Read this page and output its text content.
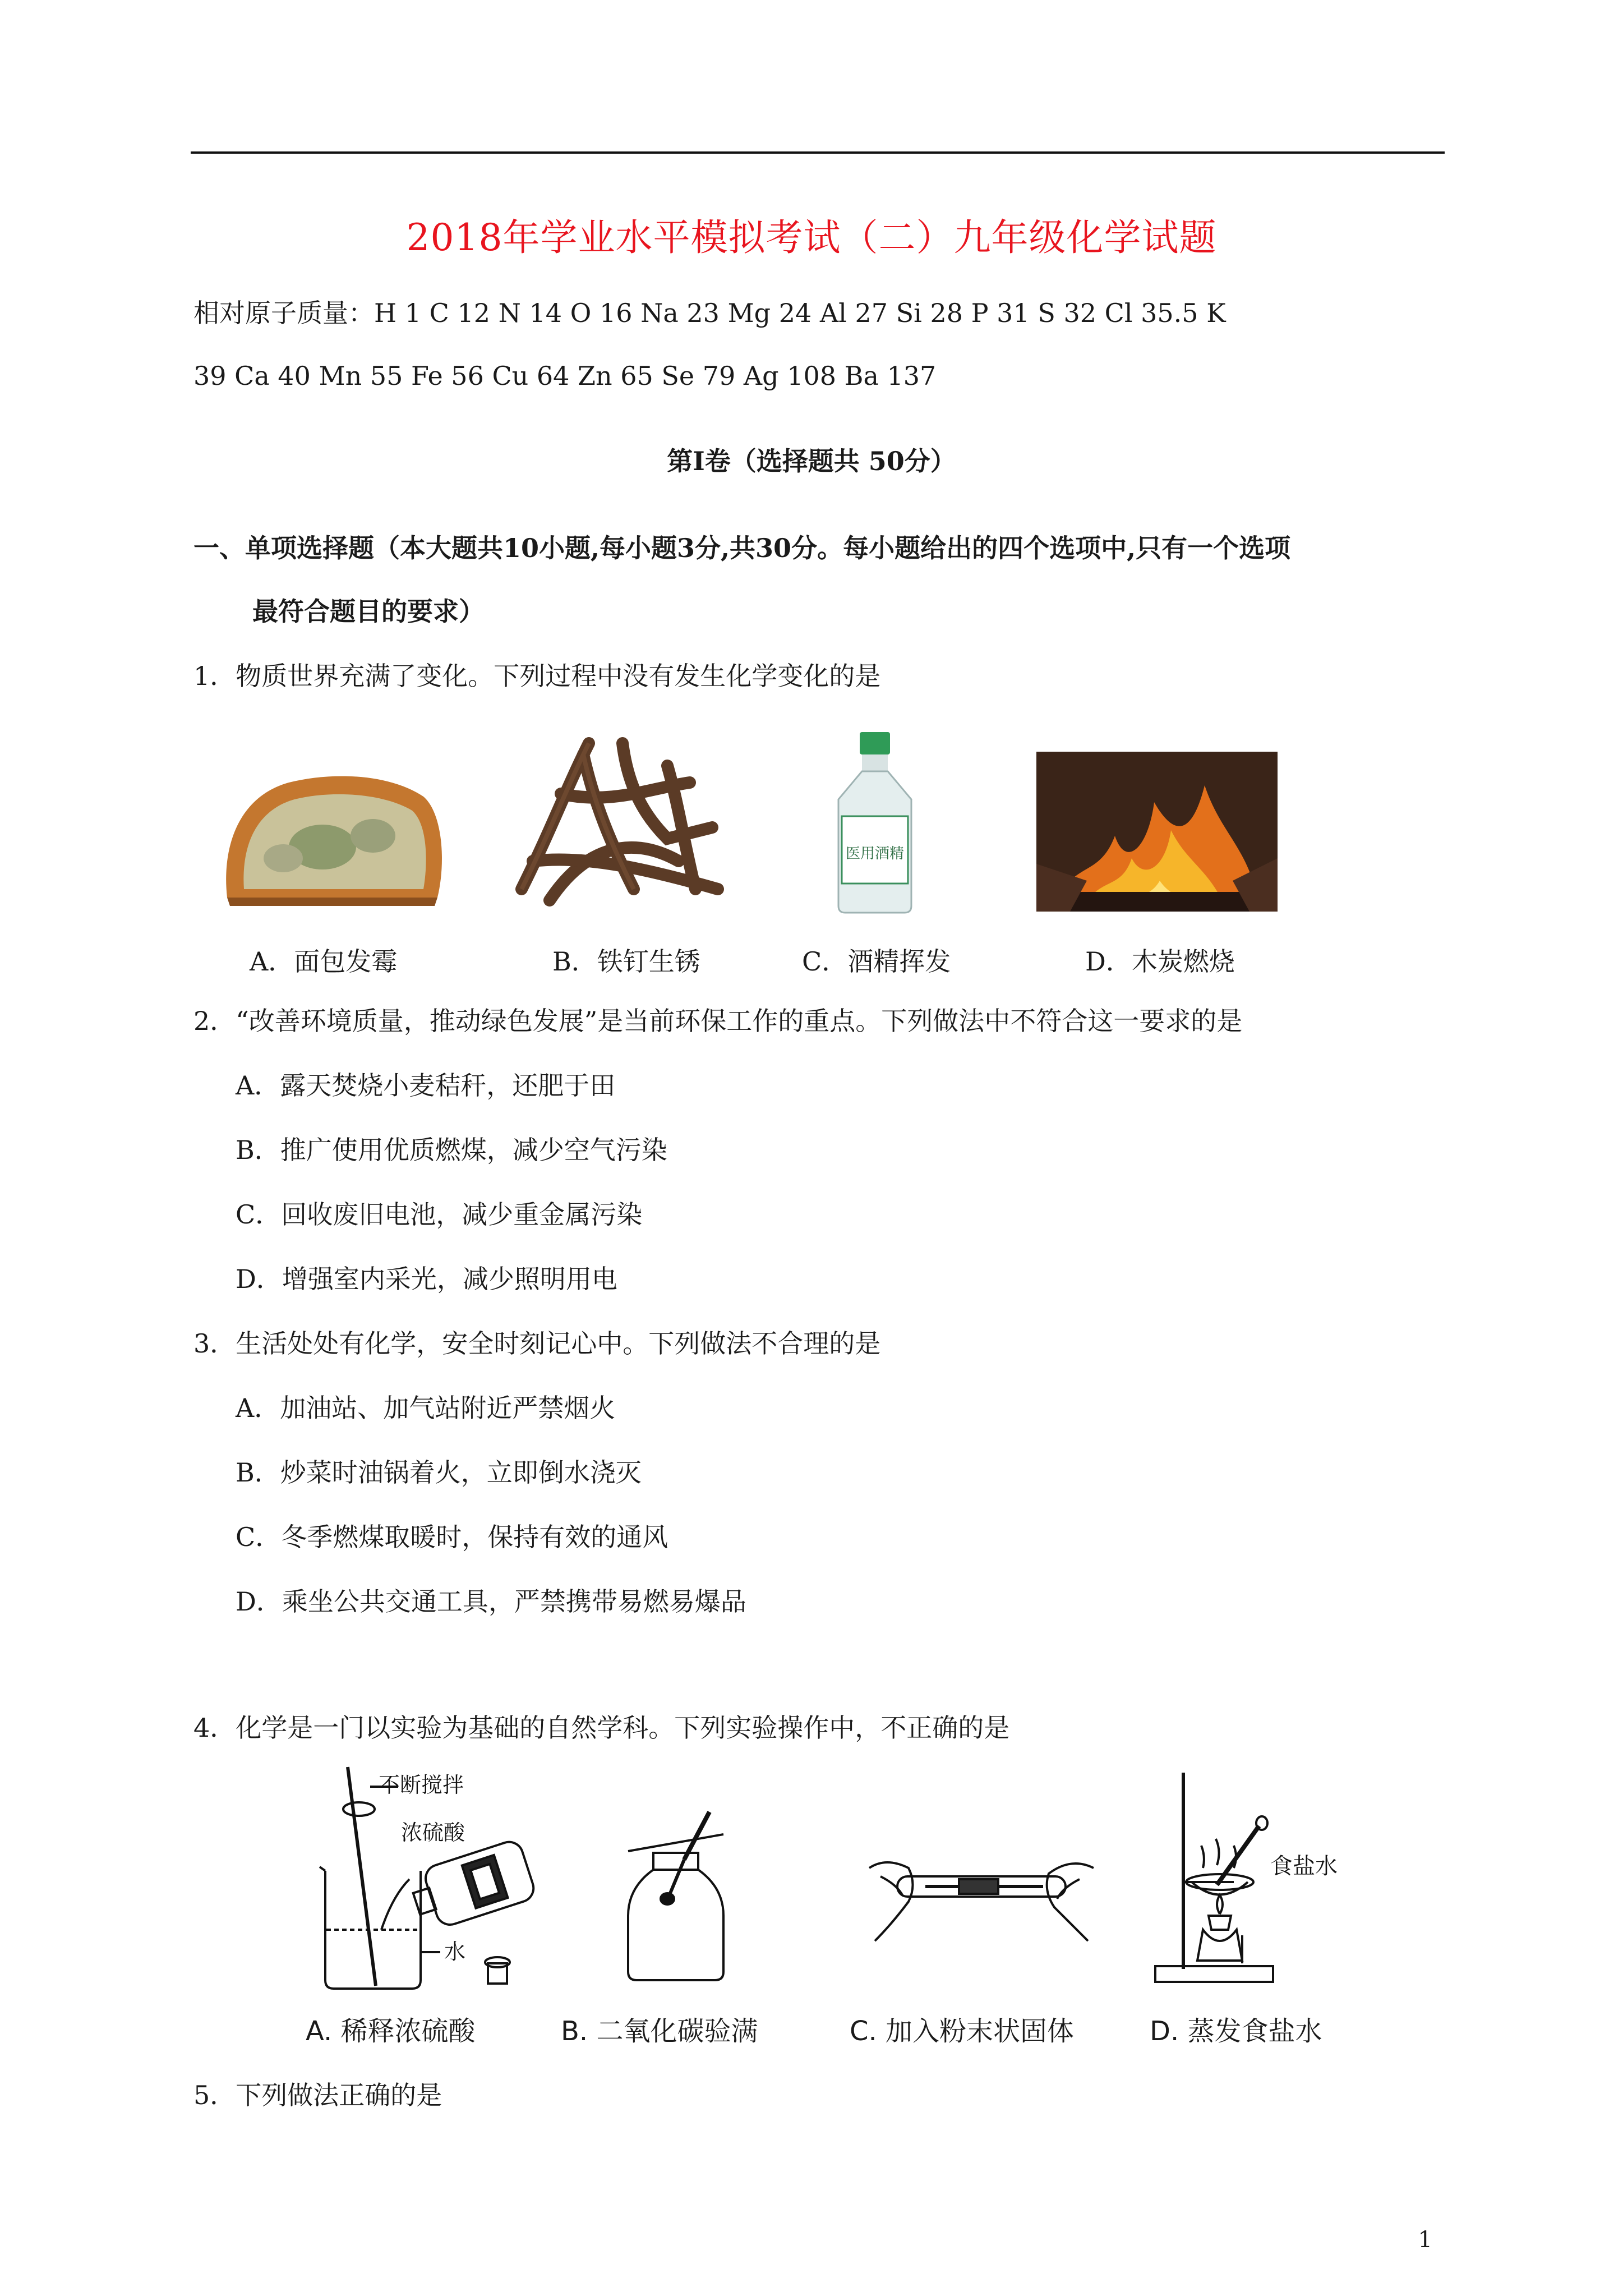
2018年学业水平模拟考试（二）九年级化学试题
相对原子质量：H 1 C 12 N 14 O 16 Na 23 Mg 24 Al 27 Si 28 P 31 S 32 Cl 35.5 K
39 Ca 40 Mn 55 Fe 56 Cu 64 Zn 65 Se 79 Ag 108 Ba 137
第Ⅰ卷（选择题共 50分）
一、单项选择题（本大题共10小题,每小题3分,共30分。每小题给出的四个选项中,只有一个选项
最符合题目的要求）
1．物质世界充满了变化。下列过程中没有发生化学变化的是
医用酒精
A．面包发霉	B．铁钉生锈	C．酒精挥发	D．木炭燃烧
2．“改善环境质量，推动绿色发展”是当前环保工作的重点。下列做法中不符合这一要求的是
A．露天焚烧小麦秸秆，还肥于田
B．推广使用优质燃煤，减少空气污染
C．回收废旧电池，减少重金属污染
D．增强室内采光，减少照明用电
3．生活处处有化学，安全时刻记心中。下列做法不合理的是
A．加油站、加气站附近严禁烟火
B．炒菜时油锅着火，立即倒水浇灭
C．冬季燃煤取暖时，保持有效的通风
D．乘坐公共交通工具，严禁携带易燃易爆品
4．化学是一门以实验为基础的自然学科。下列实验操作中，不正确的是
不断搅拌
浓硫酸
水
食盐水
A. 稀释浓硫酸	B. 二氧化碳验满	C. 加入粉末状固体	D. 蒸发食盐水
5．下列做法正确的是
1
